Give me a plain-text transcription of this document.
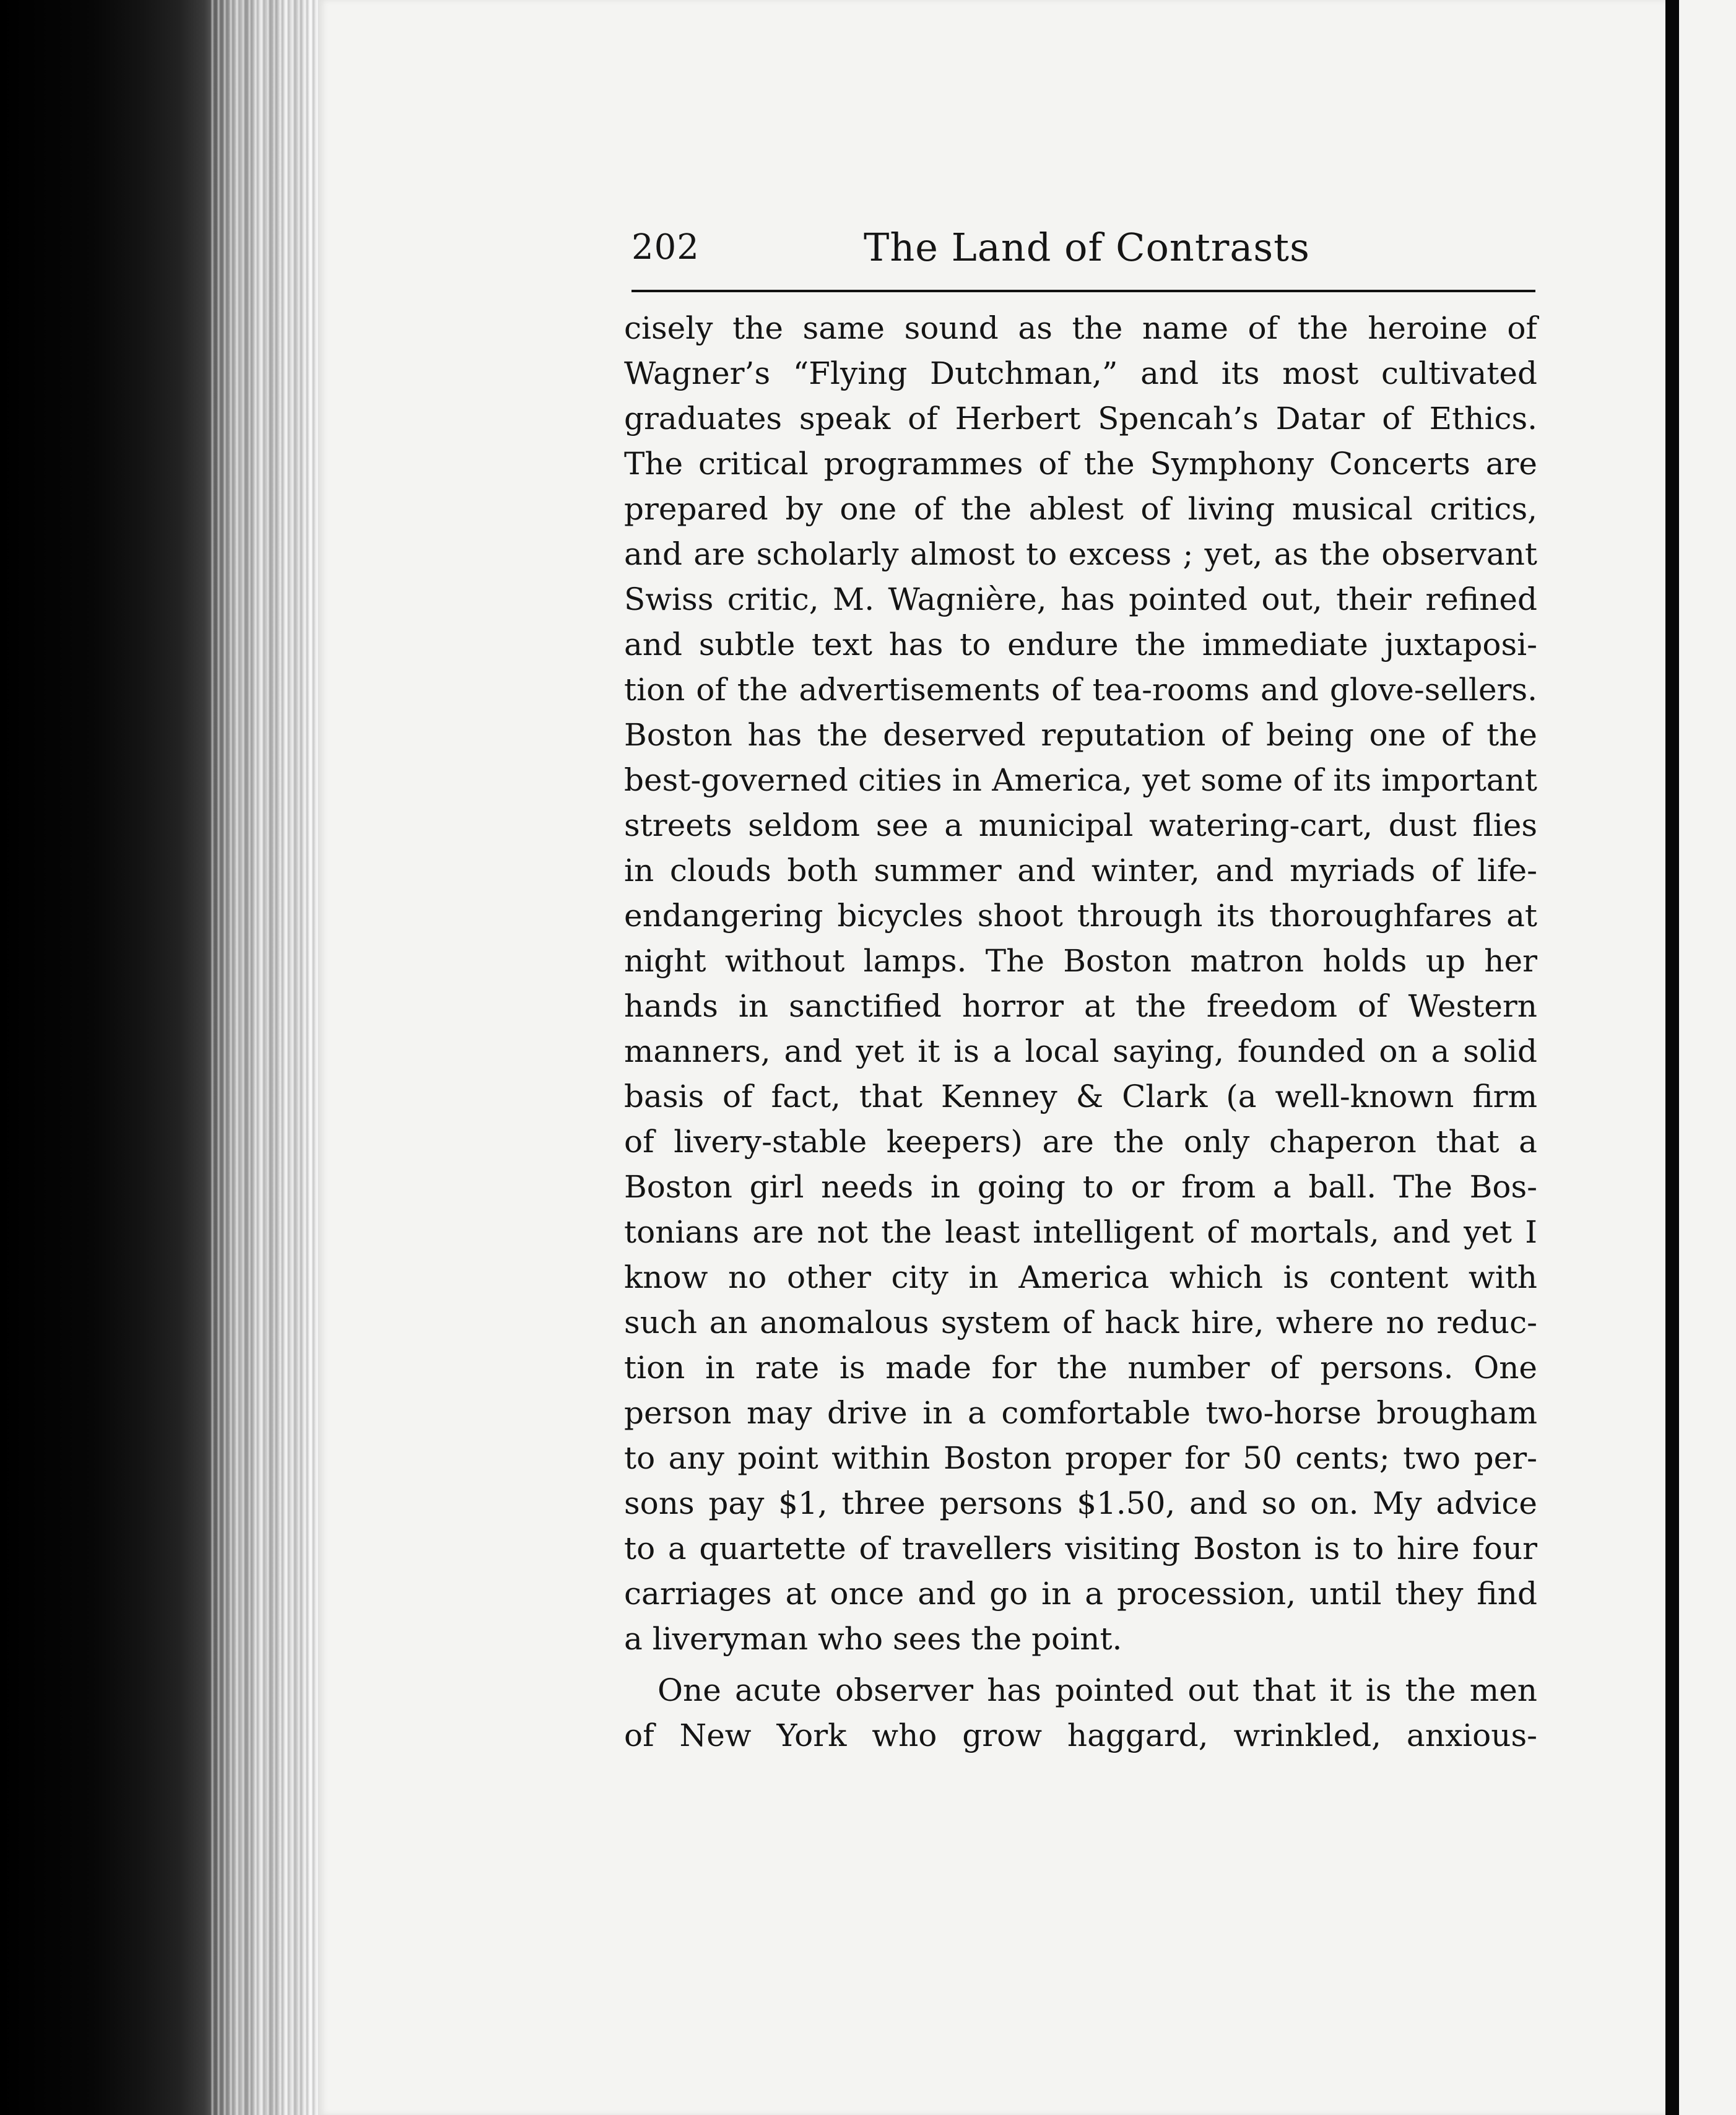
202	The Land of Contrasts
cisely the same sound as the name of the heroine of
Wagner’s “Flying Dutchman,” and its most cultivated
graduates speak of Herbert Spencah’s Datar of Ethics.
The critical programmes of the Symphony Concerts are
prepared by one of the ablest of living musical critics,
and are scholarly almost to excess ; yet, as the observant
Swiss critic, M. Wagnière, has pointed out, their refined
and subtle text has to endure the immediate juxtaposi-
tion of the advertisements of tea-rooms and glove-sellers.
Boston has the deserved reputation of being one of the
best-governed cities in America, yet some of its important
streets seldom see a municipal watering-cart, dust flies
in clouds both summer and winter, and myriads of life-
endangering bicycles shoot through its thoroughfares at
night without lamps. The Boston matron holds up her
hands in sanctified horror at the freedom of Western
manners, and yet it is a local saying, founded on a solid
basis of fact, that Kenney & Clark (a well-known firm
of livery-stable keepers) are the only chaperon that a
Boston girl needs in going to or from a ball. The Bos-
tonians are not the least intelligent of mortals, and yet I
know no other city in America which is content with
such an anomalous system of hack hire, where no reduc-
tion in rate is made for the number of persons. One
person may drive in a comfortable two-horse brougham
to any point within Boston proper for 50 cents; two per-
sons pay $1, three persons $1.50, and so on. My advice
to a quartette of travellers visiting Boston is to hire four
carriages at once and go in a procession, until they find
a liveryman who sees the point.
One acute observer has pointed out that it is the men
of New York who grow haggard, wrinkled, anxious-
